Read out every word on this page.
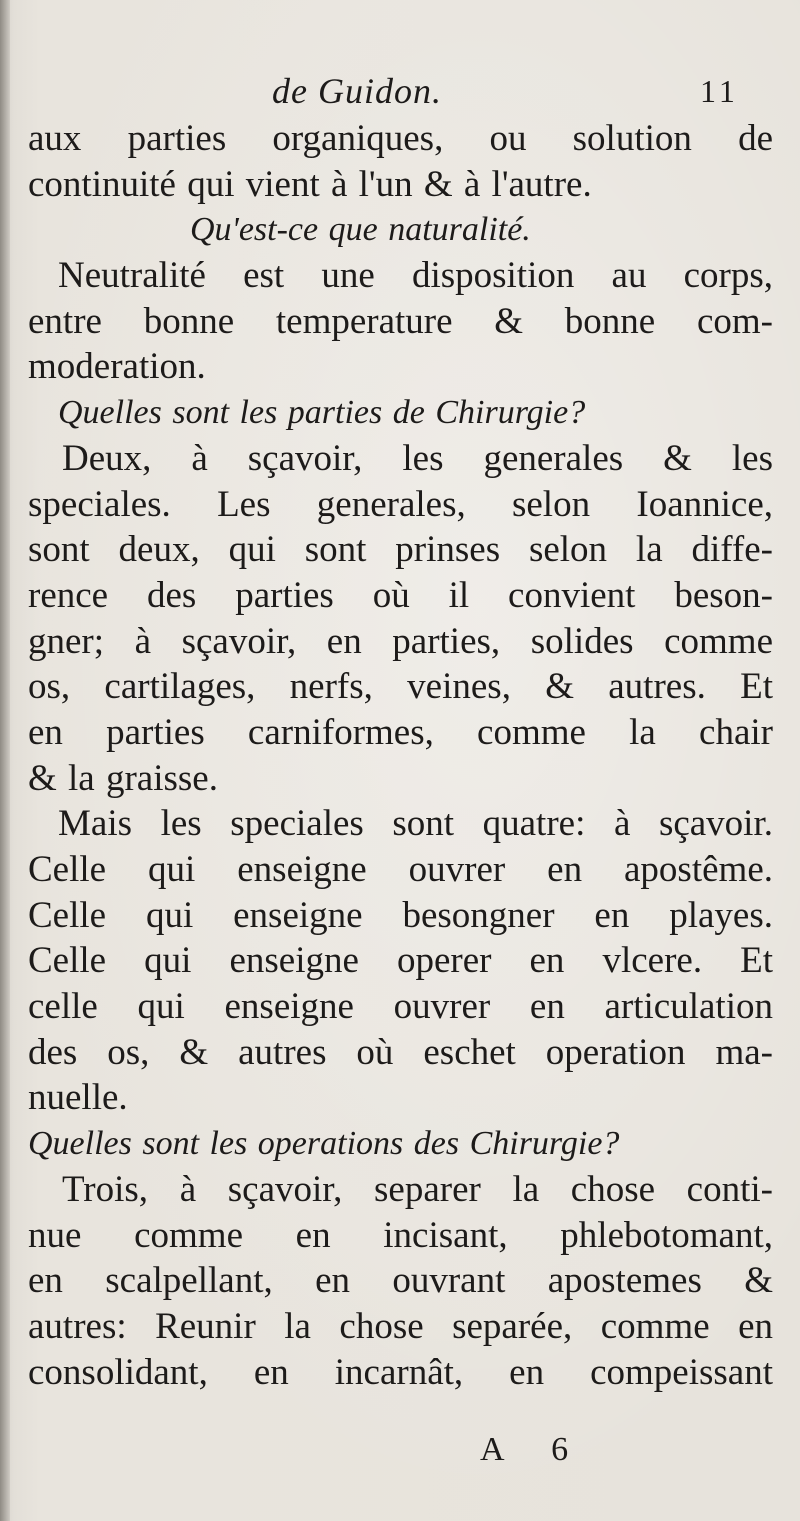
de Guidon.	11
aux parties organiques, ou solution de
continuité qui vient à l'un & à l'autre.
Qu'est-ce que naturalité.
Neutralité est une disposition au corps,
entre bonne temperature & bonne com-
moderation.
Quelles sont les parties de Chirurgie?
Deux, à sçavoir, les generales & les
speciales. Les generales, selon Ioannice,
sont deux, qui sont prinses selon la diffe-
rence des parties où il convient beson-
gner; à sçavoir, en parties, solides comme
os, cartilages, nerfs, veines, & autres. Et
en parties carniformes, comme la chair
& la graisse.
Mais les speciales sont quatre: à sçavoir.
Celle qui enseigne ouvrer en apostême.
Celle qui enseigne besongner en playes.
Celle qui enseigne operer en vlcere. Et
celle qui enseigne ouvrer en articulation
des os, & autres où eschet operation ma-
nuelle.
Quelles sont les operations des Chirurgie?
Trois, à sçavoir, separer la chose conti-
nue comme en incisant, phlebotomant,
en scalpellant, en ouvrant apostemes &
autres: Reunir la chose separée, comme en
consolidant, en incarnât, en compeissant
A 6
